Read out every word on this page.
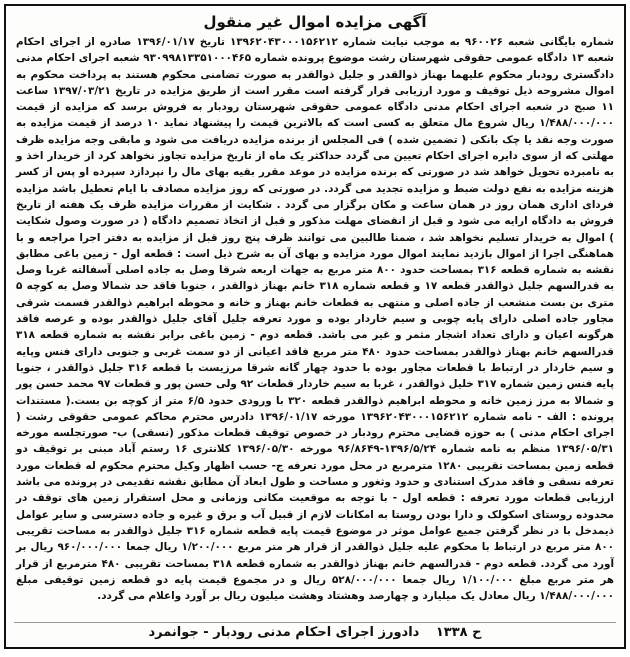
آگهی مزایده اموال غیر منقول

شماره بایگانی شعبه ۹۶۰۰۲۶ به موجب نیابت شماره ۱۳۹۶۲۰۴۳۰۰۰۱۵۶۲۱۲ تاریخ ۱۳۹۶/۰۱/۱۷ صادره از اجرای احکام شعبه ۱۳ دادگاه عمومی حقوقی شهرستان رشت موضوع پرونده شماره ۹۳۰۹۹۸۱۳۳۵۱۰۰۰۴۶۵ شعبه اجرای احکام مدنی دادگستری رودبار محکوم علیهما بهناز ذوالقدر و جلیل ذوالقدر به صورت تضامنی محکوم هستند به پرداخت محکوم به اموال مشروحه ذیل توقیف و مورد ارزیابی قرار گرفته است مقرر است از طریق مزایده در تاریخ ۱۳۹۷/۰۳/۲۱ ساعت ۱۱ صبح در شعبه اجرای احکام مدنی دادگاه عمومی حقوقی شهرستان رودبار به فروش برسد که مزایده از قیمت ۱/۴۸۸/۰۰۰/۰۰۰ ریال شروع مال متعلق به کسی است که بالاترین قیمت را پیشنهاد نماید ۱۰ درصد از قیمت مزایده به صورت وجه نقد یا چک بانکی ( تضمین شده ) فی المجلس از برنده مزایده دریافت می شود و مابقی وجه مزایده ظرف مهلتی که از سوی دایره اجرای احکام تعیین می گردد حداکثر یک ماه از تاریخ مزایده تجاوز نخواهد کرد از خریدار اخذ و به نامبرده تحویل خواهد شد در صورتی که برنده مزایده در موعد مقرر بقیه بهای مال را نپردازد سپرده او پس از کسر هزینه مزایده به نفع دولت ضبط و مزایده تجدید می گردد. در صورتی که روز مزایده مصادف با ایام تعطیل باشد مزایده فردای اداری همان روز در همان ساعت و مکان برگزار می گردد . شکایت از مقررات مزایده ظرف یک هفته از تاریخ فروش به دادگاه ارایه می شود و قبل از انقضای مهلت مذکور و قبل از اتخاذ تصمیم دادگاه ( در صورت وصول شکایت ) اموال به خریدار تسلیم نخواهد شد ، ضمنا طالبین می توانند ظرف پنج روز قبل از مزایده به دفتر اجرا مراجعه و با هماهنگی اجرا از اموال بازدید نمایند اموال مورد مزایده و بهای آن به شرح ذیل است : قطعه اول - زمین باغی مطابق نقشه به شماره قطعه ۳۱۶ بمساحت حدود ۸۰۰ متر مربع به جهات اربعه شرقا وصل به جاده اصلی آسفالته غربا وصل به قدرالسهم جلیل ذوالقدر قطعه ۱۷ و قطعه شماره ۳۱۸ خانم بهناز ذوالقدر ، جنوبا فاقد حد شمالا وصل به کوچه ۵ متری بن بست منشعب از جاده اصلی و منتهی به قطعات خانم بهناز و خانه و محوطه ابراهیم ذوالقدر قسمت شرقی مجاور جاده اصلی دارای پایه چوبی و سیم خاردار بوده و مورد تعرفه جلیل آقای جلیل ذوالقدر بوده و عرصه فاقد هرگونه اعیان و دارای تعداد اشجار مثمر و غیر می باشد. قطعه دوم - زمین باغی برابر نقشه به شماره قطعه ۳۱۸ قدرالسهم خانم بهناز ذوالقدر بمساحت حدود ۴۸۰ متر مربع فاقد اعیانی از دو سمت غربی و جنوبی دارای فنس وپایه و سیم خاردار در ارتباط با قطعات مجاور بوده با حدود چهار گانه شرقا مرزیست با قطعه ۳۱۶ جلیل ذوالقدر ، جنوبا پایه فنس زمین شماره ۳۱۷ خلیل ذوالقدر ، غربا به سیم خاردار قطعات ۹۲ ولی حسن پور و قطعات ۹۷ محمد حسن پور و شمالا به مرز زمین خانه و محوطه ابراهیم ذوالقدر قطعه ۳۲۰ با ورودی حدود ۶/۵ متر از کوچه بن بست.( مستندات پرونده : الف - نامه شماره ۱۳۹۶۲۰۴۳۰۰۰۱۵۶۲۱۲ مورخه ۱۳۹۶/۰۱/۱۷ دادرس محترم محاکم عمومی حقوقی رشت ( اجرای احکام مدنی ) به حوزه قضایی محترم رودبار در خصوص توقیف قطعات مذکور (نسقی) ب- صورتجلسه مورخه ۱۳۹۶/۰۵/۳۱ منظم به نامه شماره ۱۳۹۶/۵/۲۴-۹۶/۸۶۴۹ مورخه ۱۳۹۶/۰۵/۳۰ کلانتری ۱۶ رستم آباد مبنی بر توقیف دو قطعه زمین بمساحت تقریبی ۱۲۸۰ مترمربع در محل مورد تعرفه ج- حسب اظهار وکیل محترم محکوم له قطعات مورد تعرفه نسقی و فاقد مدرک استنادی و حدود وثغور و مساحت و طول ابعاد آن مطابق نقشه تقدیمی در پرونده می باشد ارزیابی قطعات مورد تعرفه : قطعه اول - با توجه به موقعیت مکانی وزمانی و محل استقرار زمین های توقف در محدوده روستای اسکولک و دارا بودن روستا به امکانات لازم از قبیل آب و برق و غیره و جاده دسترسی و سایر عوامل ذیمدخل با در نظر گرفتن جمیع عوامل موثر در موضوع قیمت پایه قطعه شماره ۳۱۶ جلیل ذوالقدر به مساحت تقریبی ۸۰۰ متر مربع در ارتباط با محکوم علیه جلیل ذوالقدر از قرار هر متر مربع ۱/۲۰۰/۰۰۰ ریال جمعا ۹۶۰/۰۰۰/۰۰۰ ریال بر آورد می گردد. قطعه دوم - قدرالسهم خانم بهناز ذوالقدر به شماره قطعه ۳۱۸ بمساحت تقریبی ۴۸۰ مترمربع از قرار هر متر مربع مبلغ ۱/۱۰۰/۰۰۰ ریال جمعا ۵۲۸/۰۰۰/۰۰۰ ریال و در مجموع قیمت پایه دو قطعه زمین توقیفی مبلغ ۱/۴۸۸/۰۰۰/۰۰۰ ریال معادل یک میلیارد و چهارصد وهشتاد وهشت میلیون ریال بر آورد واعلام می گردد.

ح ۱۳۳۸ دادورز اجرای احکام مدنی رودبار - جوانمرد
